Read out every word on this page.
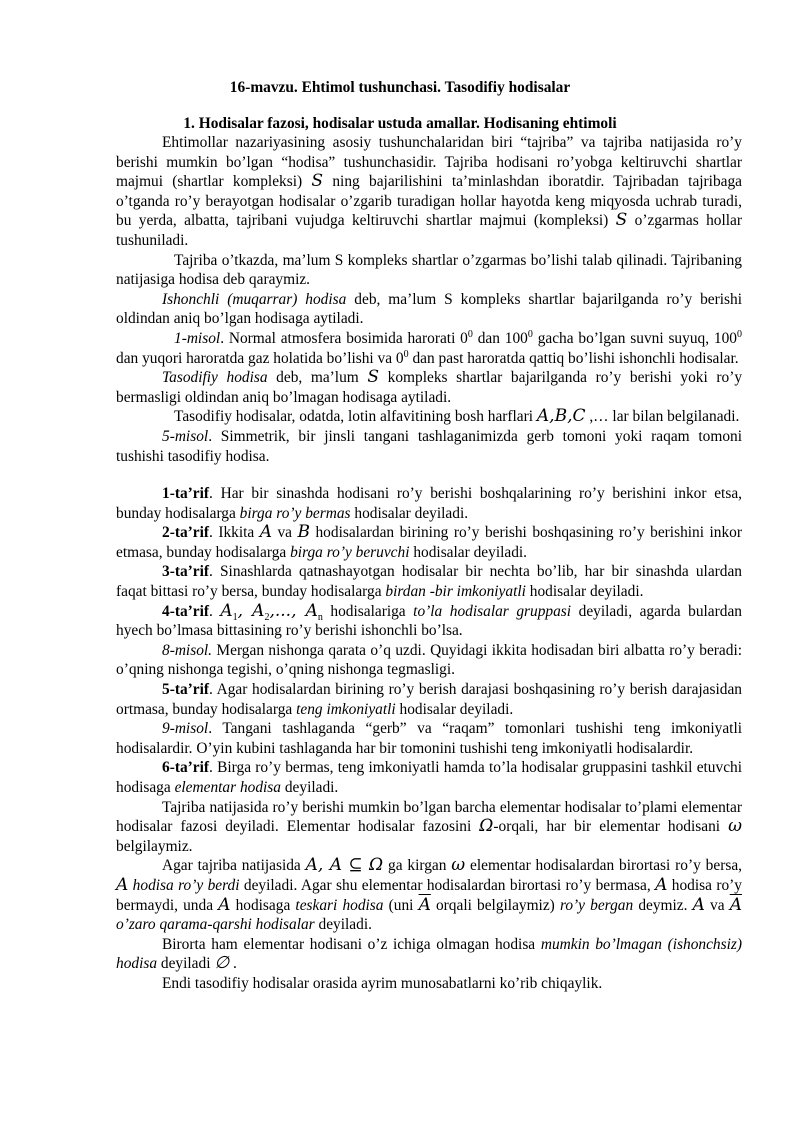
16-mavzu. Ehtimol tushunchasi. Tasodifiy hodisalar
1. Hodisalar fazosi, hodisalar ustuda amallar. Hodisaning ehtimoli

Ehtimollar nazariyasining asosiy tushunchalaridan biri “tajriba” va tajriba natijasida ro’y berishi mumkin bo’lgan “hodisa” tushunchasidir. Tajriba hodisani ro’yobga keltiruvchi shartlar majmui (shartlar kompleksi) S ning bajarilishini ta’minlashdan iboratdir. Tajribadan tajribaga o’tganda ro’y berayotgan hodisalar o’zgarib turadigan hollar hayotda keng miqyosda uchrab turadi, bu yerda, albatta, tajribani vujudga keltiruvchi shartlar majmui (kompleksi) S o’zgarmas hollar tushuniladi.

Tajriba o’tkazda, ma’lum S kompleks shartlar o’zgarmas bo’lishi talab qilinadi. Tajribaning natijasiga hodisa deb qaraymiz.

Ishonchli (muqarrar) hodisa deb, ma’lum S kompleks shartlar bajarilganda ro’y berishi oldindan aniq bo’lgan hodisaga aytiladi.

1-misol. Normal atmosfera bosimida harorati $0^0$ dan $100^0$ gacha bo’lgan suvni suyuq, $100^0$ dan yuqori haroratda gaz holatida bo’lishi va $0^0$ dan past haroratda qattiq bo’lishi ishonchli hodisalar.

Tasodifiy hodisa deb, ma’lum S kompleks shartlar bajarilganda ro’y berishi yoki ro’y bermasligi oldindan aniq bo’lmagan hodisaga aytiladi.

Tasodifiy hodisalar, odatda, lotin alfavitining bosh harflari A,B,C ,… lar bilan belgilanadi.

5-misol. Simmetrik, bir jinsli tangani tashlaganimizda gerb tomoni yoki raqam tomoni tushishi tasodifiy hodisa.

1-ta’rif. Har bir sinashda hodisani ro’y berishi boshqalarining ro’y berishini inkor etsa, bunday hodisalarga birga ro’y bermas hodisalar deyiladi.

2-ta’rif. Ikkita A va B hodisalardan birining ro’y berishi boshqasining ro’y berishini inkor etmasa, bunday hodisalarga birga ro’y beruvchi hodisalar deyiladi.

3-ta’rif. Sinashlarda qatnashayotgan hodisalar bir nechta bo’lib, har bir sinashda ulardan faqat bittasi ro’y bersa, bunday hodisalarga birdan -bir imkoniyatli hodisalar deyiladi.

4-ta’rif. $A_1$, $A_2$,..., $A_n$ hodisalariga to’la hodisalar gruppasi deyiladi, agarda bulardan hyech bo’lmasa bittasining ro’y berishi ishonchli bo’lsa.

8-misol. Mergan nishonga qarata o’q uzdi. Quyidagi ikkita hodisadan biri albatta ro’y beradi: o’qning nishonga tegishi, o’qning nishonga tegmasligi.

5-ta’rif. Agar hodisalardan birining ro’y berish darajasi boshqasining ro’y berish darajasidan ortmasa, bunday hodisalarga teng imkoniyatli hodisalar deyiladi.

9-misol. Tangani tashlaganda “gerb” va “raqam” tomonlari tushishi teng imkoniyatli hodisalardir. O’yin kubini tashlaganda har bir tomonini tushishi teng imkoniyatli hodisalardir.

6-ta’rif. Birga ro’y bermas, teng imkoniyatli hamda to’la hodisalar gruppasini tashkil etuvchi hodisaga elementar hodisa deyiladi.

Tajriba natijasida ro’y berishi mumkin bo’lgan barcha elementar hodisalar to’plami elementar hodisalar fazosi deyiladi. Elementar hodisalar fazosini Ω-orqali, har bir elementar hodisani ω belgilaymiz.

Agar tajriba natijasida A, A ⊆ Ω ga kirgan ω elementar hodisalardan birortasi ro’y bersa, A hodisa ro’y berdi deyiladi. Agar shu elementar hodisalardan birortasi ro’y bermasa, A hodisa ro’y bermaydi, unda A hodisaga teskari hodisa (uni $\overline{A}$ orqali belgilaymiz) ro’y bergan deymiz. A va $\overline{A}$ o’zaro qarama-qarshi hodisalar deyiladi.

Birorta ham elementar hodisani o’z ichiga olmagan hodisa mumkin bo’lmagan (ishonchsiz) hodisa deyiladi ∅ .

Endi tasodifiy hodisalar orasida ayrim munosabatlarni ko’rib chiqaylik.
